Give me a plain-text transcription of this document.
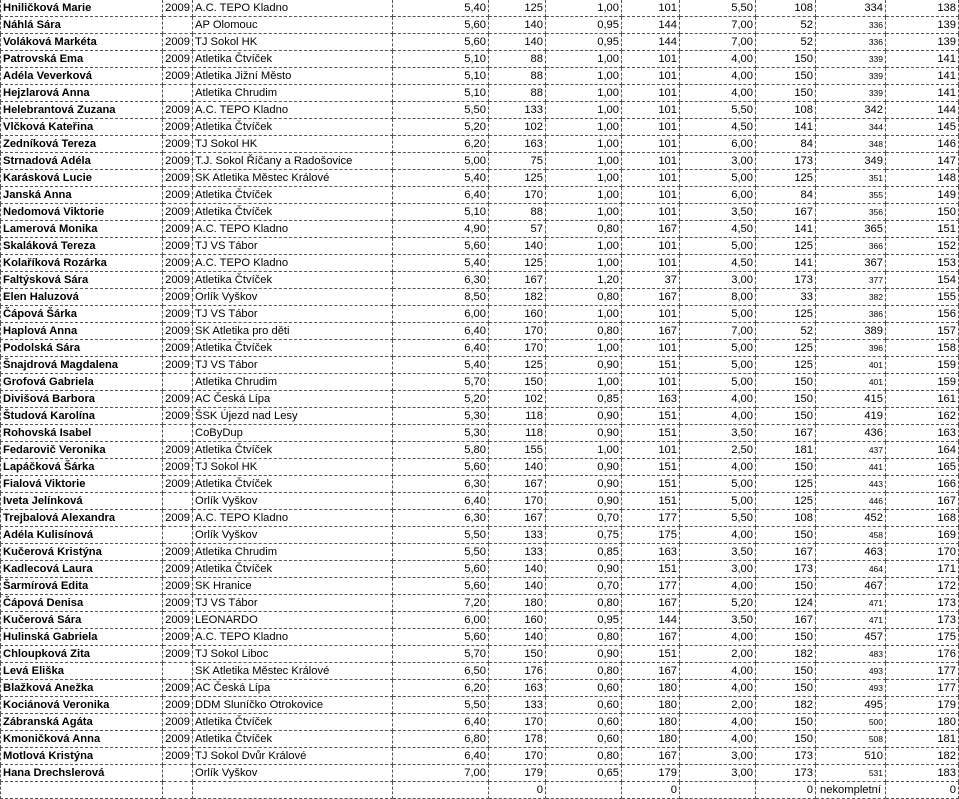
Hniličková Marie	2009	A.C. TEPO Kladno	5,40	125	1,00	101	5,50	108	334	138
Náhlá Sára		AP Olomouc	5,60	140	0,95	144	7,00	52	336	139
Voláková Markéta	2009	TJ Sokol HK	5,60	140	0,95	144	7,00	52	336	139
Patrovská Ema	2009	Atletika Čtvíček	5,10	88	1,00	101	4,00	150	339	141
Adéla Veverková	2009	Atletika Jižní Město	5,10	88	1,00	101	4,00	150	339	141
Hejzlarová Anna		Atletika Chrudim	5,10	88	1,00	101	4,00	150	339	141
Helebrantová Zuzana	2009	A.C. TEPO Kladno	5,50	133	1,00	101	5,50	108	342	144
Vlčková Kateřina	2009	Atletika Čtvíček	5,20	102	1,00	101	4,50	141	344	145
Zedníková Tereza	2009	TJ Sokol HK	6,20	163	1,00	101	6,00	84	348	146
Strnadová Adéla	2009	T.J. Sokol Říčany a Radošovice	5,00	75	1,00	101	3,00	173	349	147
Karásková Lucie	2009	SK Atletika Městec Králové	5,40	125	1,00	101	5,00	125	351	148
Janská Anna	2009	Atletika Čtvíček	6,40	170	1,00	101	6,00	84	355	149
Nedomová Viktorie	2009	Atletika Čtvíček	5,10	88	1,00	101	3,50	167	356	150
Lamerová Monika	2009	A.C. TEPO Kladno	4,90	57	0,80	167	4,50	141	365	151
Skaláková Tereza	2009	TJ VS Tábor	5,60	140	1,00	101	5,00	125	366	152
Kolaříková Rozárka	2009	A.C. TEPO Kladno	5,40	125	1,00	101	4,50	141	367	153
Faltýsková Sára	2009	Atletika Čtvíček	6,30	167	1,20	37	3,00	173	377	154
Elen Haluzová	2009	Orlík Vyškov	8,50	182	0,80	167	8,00	33	382	155
Čápová Šárka	2009	TJ VS Tábor	6,00	160	1,00	101	5,00	125	386	156
Haplová Anna	2009	SK Atletika pro děti	6,40	170	0,80	167	7,00	52	389	157
Podolská Sára	2009	Atletika Čtvíček	6,40	170	1,00	101	5,00	125	396	158
Šnajdrová Magdalena	2009	TJ VS Tábor	5,40	125	0,90	151	5,00	125	401	159
Grofová Gabriela		Atletika Chrudim	5,70	150	1,00	101	5,00	150	401	159
Divišová Barbora	2009	AC Česká Lípa	5,20	102	0,85	163	4,00	150	415	161
Študová Karolína	2009	ŠSK Újezd nad Lesy	5,30	118	0,90	151	4,00	150	419	162
Rohovská Isabel		CoByDup	5,30	118	0,90	151	3,50	167	436	163
Fedarovič Veronika	2009	Atletika Čtvíček	5,80	155	1,00	101	2,50	181	437	164
Lapáčková Šárka	2009	TJ Sokol HK	5,60	140	0,90	151	4,00	150	441	165
Fialová Viktorie	2009	Atletika Čtvíček	6,30	167	0,90	151	5,00	125	443	166
Iveta Jelínková		Orlík Vyškov	6,40	170	0,90	151	5,00	125	446	167
Trejbalová Alexandra	2009	A.C. TEPO Kladno	6,30	167	0,70	177	5,50	108	452	168
Adéla Kulisínová		Orlík Vyškov	5,50	133	0,75	175	4,00	150	458	169
Kučerová Kristýna	2009	Atletika Chrudim	5,50	133	0,85	163	3,50	167	463	170
Kadlecová Laura	2009	Atletika Čtvíček	5,60	140	0,90	151	3,00	173	464	171
Šarmírová Edita	2009	SK Hranice	5,60	140	0,70	177	4,00	150	467	172
Čápová Denisa	2009	TJ VS Tábor	7,20	180	0,80	167	5,20	124	471	173
Kučerová Sára	2009	LEONARDO	6,00	160	0,95	144	3,50	167	471	173
Hulinská Gabriela	2009	A.C. TEPO Kladno	5,60	140	0,80	167	4,00	150	457	175
Chloupková Zita	2009	TJ Sokol Liboc	5,70	150	0,90	151	2,00	182	483	176
Levá Eliška		SK Atletika Městec Králové	6,50	176	0,80	167	4,00	150	493	177
Blažková Anežka	2009	AC Česká Lípa	6,20	163	0,60	180	4,00	150	493	177
Kociánová Veronika	2009	DDM Sluníčko Otrokovice	5,50	133	0,60	180	2,00	182	495	179
Zábranská Agáta	2009	Atletika Čtvíček	6,40	170	0,60	180	4,00	150	500	180
Kmoničková Anna	2009	Atletika Čtvíček	6,80	178	0,60	180	4,00	150	508	181
Motlová Kristýna	2009	TJ Sokol Dvůr Králové	6,40	170	0,80	167	3,00	173	510	182
Hana Drechslerová		Orlík Vyškov	7,00	179	0,65	179	3,00	173	531	183
				0		0		0	nekompletní	0
